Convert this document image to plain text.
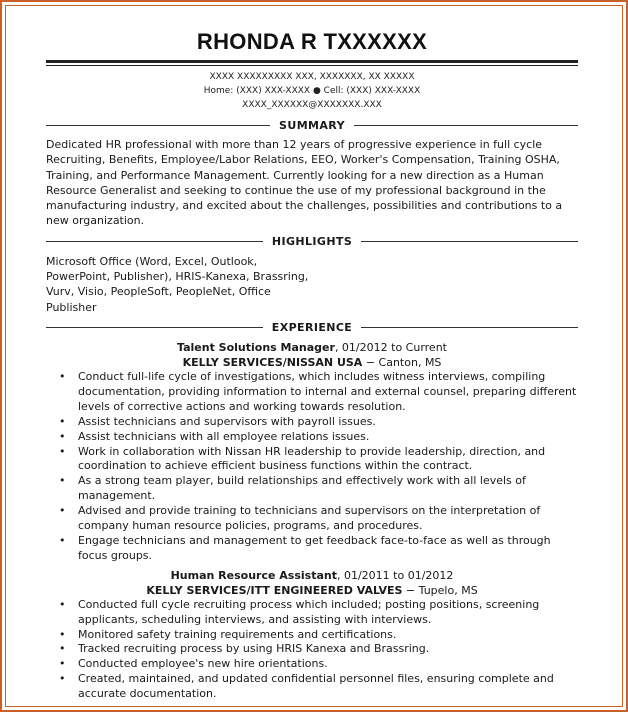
RHONDA R TXXXXXX
XXXX XXXXXXXXX XXX, XXXXXXX, XX XXXXX
Home: (XXX) XXX-XXXX ● Cell: (XXX) XXX-XXXX
XXXX_XXXXXX@XXXXXXX.XXX
SUMMARY
Dedicated HR professional with more than 12 years of progressive experience in full cycle Recruiting, Benefits, Employee/Labor Relations, EEO, Worker's Compensation, Training OSHA, Training, and Performance Management. Currently looking for a new direction as a Human Resource Generalist and seeking to continue the use of my professional background in the manufacturing industry, and excited about the challenges, possibilities and contributions to a new organization.
HIGHLIGHTS
Microsoft Office (Word, Excel, Outlook, PowerPoint, Publisher), HRIS-Kanexa, Brassring, Vurv, Visio, PeopleSoft, PeopleNet, Office Publisher
EXPERIENCE
Talent Solutions Manager, 01/2012 to Current
KELLY SERVICES/NISSAN USA − Canton, MS
• Conduct full-life cycle of investigations, which includes witness interviews, compiling documentation, providing information to internal and external counsel, preparing different levels of corrective actions and working towards resolution.
• Assist technicians and supervisors with payroll issues.
• Assist technicians with all employee relations issues.
• Work in collaboration with Nissan HR leadership to provide leadership, direction, and coordination to achieve efficient business functions within the contract.
• As a strong team player, build relationships and effectively work with all levels of management.
• Advised and provide training to technicians and supervisors on the interpretation of company human resource policies, programs, and procedures.
• Engage technicians and management to get feedback face-to-face as well as through focus groups.
Human Resource Assistant, 01/2011 to 01/2012
KELLY SERVICES/ITT ENGINEERED VALVES − Tupelo, MS
• Conducted full cycle recruiting process which included; posting positions, screening applicants, scheduling interviews, and assisting with interviews.
• Monitored safety training requirements and certifications.
• Tracked recruiting process by using HRIS Kanexa and Brassring.
• Conducted employee's new hire orientations.
• Created, maintained, and updated confidential personnel files, ensuring complete and accurate documentation.
